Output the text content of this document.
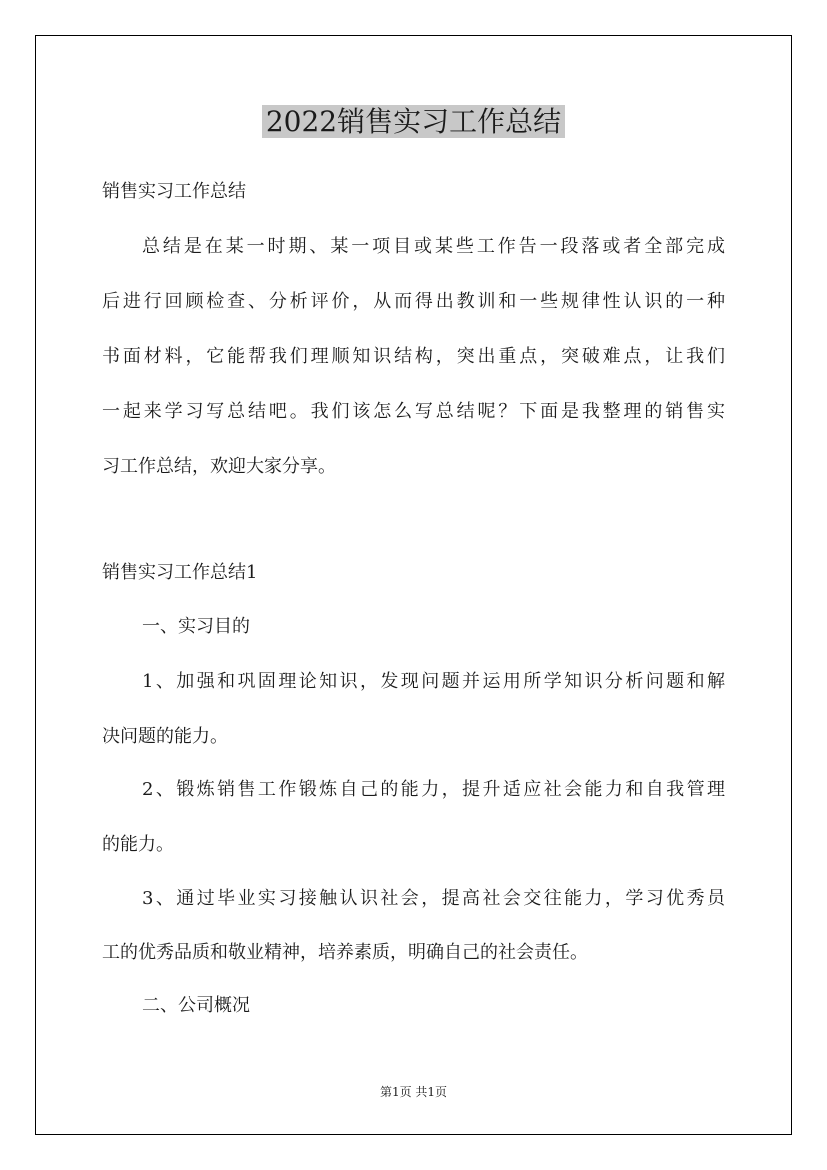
2022销售实习工作总结
销售实习工作总结
总结是在某一时期、某一项目或某些工作告一段落或者全部完成
后进行回顾检查、分析评价，从而得出教训和一些规律性认识的一种
书面材料，它能帮我们理顺知识结构，突出重点，突破难点，让我们
一起来学习写总结吧。我们该怎么写总结呢？下面是我整理的销售实
习工作总结，欢迎大家分享。
销售实习工作总结1
一、实习目的
1、加强和巩固理论知识，发现问题并运用所学知识分析问题和解
决问题的能力。
2、锻炼销售工作锻炼自己的能力，提升适应社会能力和自我管理
的能力。
3、通过毕业实习接触认识社会，提高社会交往能力，学习优秀员
工的优秀品质和敬业精神，培养素质，明确自己的社会责任。
二、公司概况
第1页 共1页
